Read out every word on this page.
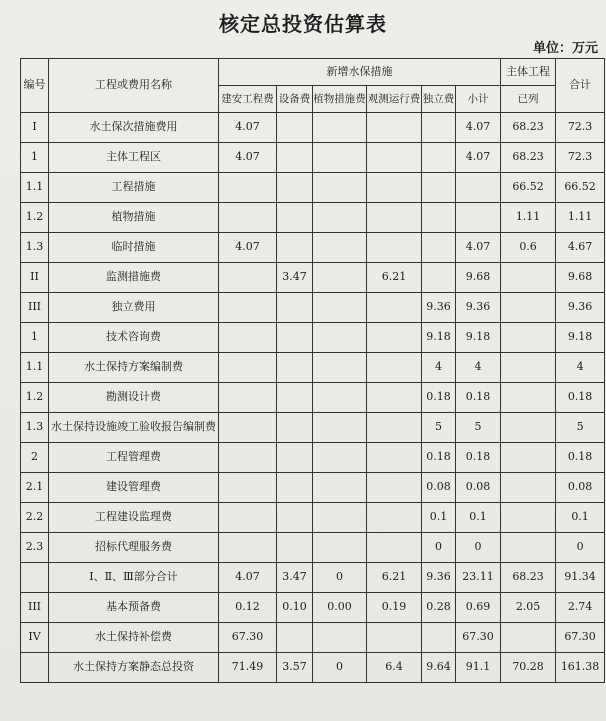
核定总投资估算表
单位：万元
编号	工程或费用名称	新增水保措施						主体工程	合计
		建安工程费	设备费	植物措施费	观测运行费	独立费	小计	已列	
I	水土保次措施费用	4.07					4.07	68.23	72.3
1	主体工程区	4.07					4.07	68.23	72.3
1.1	工程措施							66.52	66.52
1.2	植物措施							1.11	1.11
1.3	临时措施	4.07					4.07	0.6	4.67
II	监测措施费		3.47		6.21		9.68		9.68
III	独立费用					9.36	9.36		9.36
1	技术咨询费					9.18	9.18		9.18
1.1	水土保持方案编制费					4	4		4
1.2	勘测设计费					0.18	0.18		0.18
1.3	水土保持设施竣工验收报告编制费					5	5		5
2	工程管理费					0.18	0.18		0.18
2.1	建设管理费					0.08	0.08		0.08
2.2	工程建设监理费					0.1	0.1		0.1
2.3	招标代理服务费					0	0		0
	Ⅰ、Ⅱ、Ⅲ部分合计	4.07	3.47	0	6.21	9.36	23.11	68.23	91.34
III	基本预备费	0.12	0.10	0.00	0.19	0.28	0.69	2.05	2.74
IV	水土保持补偿费	67.30					67.30		67.30
	水土保持方案静态总投资	71.49	3.57	0	6.4	9.64	91.1	70.28	161.38
